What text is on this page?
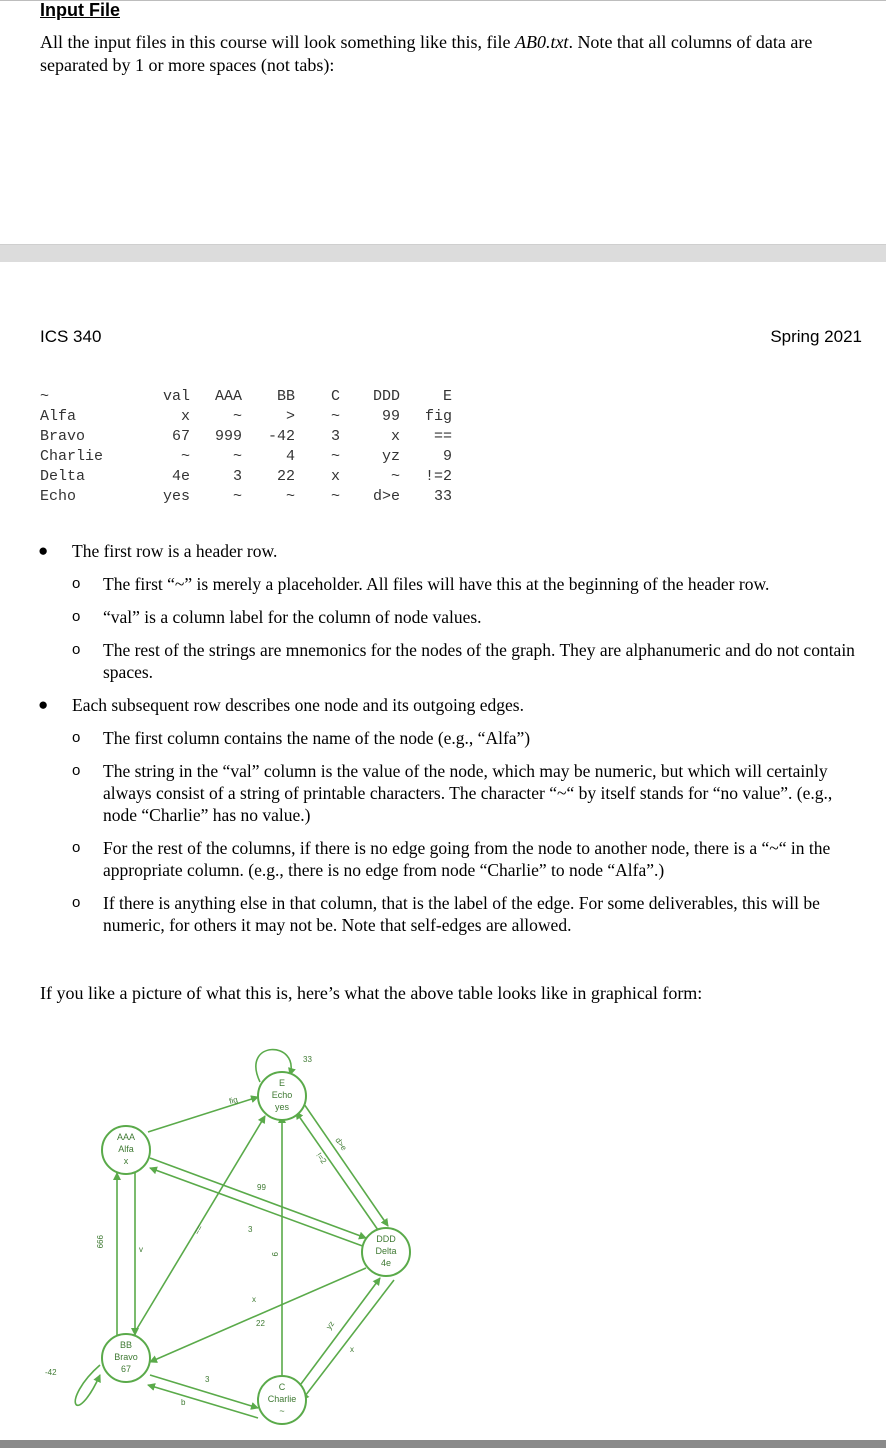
Input File
All the input files in this course will look something like this, file AB0.txt. Note that all columns of data are separated by 1 or more spaces (not tabs):
ICS 340	Spring 2021
~	val	AAA	BB	C	DDD	E
Alfa	x	~	>	~	99	fig
Bravo	67	999	-42	3	x	==
Charlie	~	~	4	~	yz	9
Delta	4e	3	22	x	~	!=2
Echo	yes	~	~	~	d>e	33
● The first row is a header row.
o The first “~” is merely a placeholder. All files will have this at the beginning of the header row.
o “val” is a column label for the column of node values.
o The rest of the strings are mnemonics for the nodes of the graph. They are alphanumeric and do not contain spaces.
● Each subsequent row describes one node and its outgoing edges.
o The first column contains the name of the node (e.g., “Alfa”)
o The string in the “val” column is the value of the node, which may be numeric, but which will certainly always consist of a string of printable characters. The character “~“ by itself stands for “no value”. (e.g., node “Charlie” has no value.)
o For the rest of the columns, if there is no edge going from the node to another node, there is a “~“ in the appropriate column. (e.g., there is no edge from node “Charlie” to node “Alfa”.)
o If there is anything else in that column, that is the label of the edge. For some deliverables, this will be numeric, for others it may not be. Note that self-edges are allowed.
If you like a picture of what this is, here’s what the above table looks like in graphical form:
AAA
Alfa
x
BB
Bravo
67
C
Charlie
~
DDD
Delta
4e
E
Echo
yes
fig
33
d>e
!=2
99
3
9
999
-42
v
==
3
x
22
b
yz
x
